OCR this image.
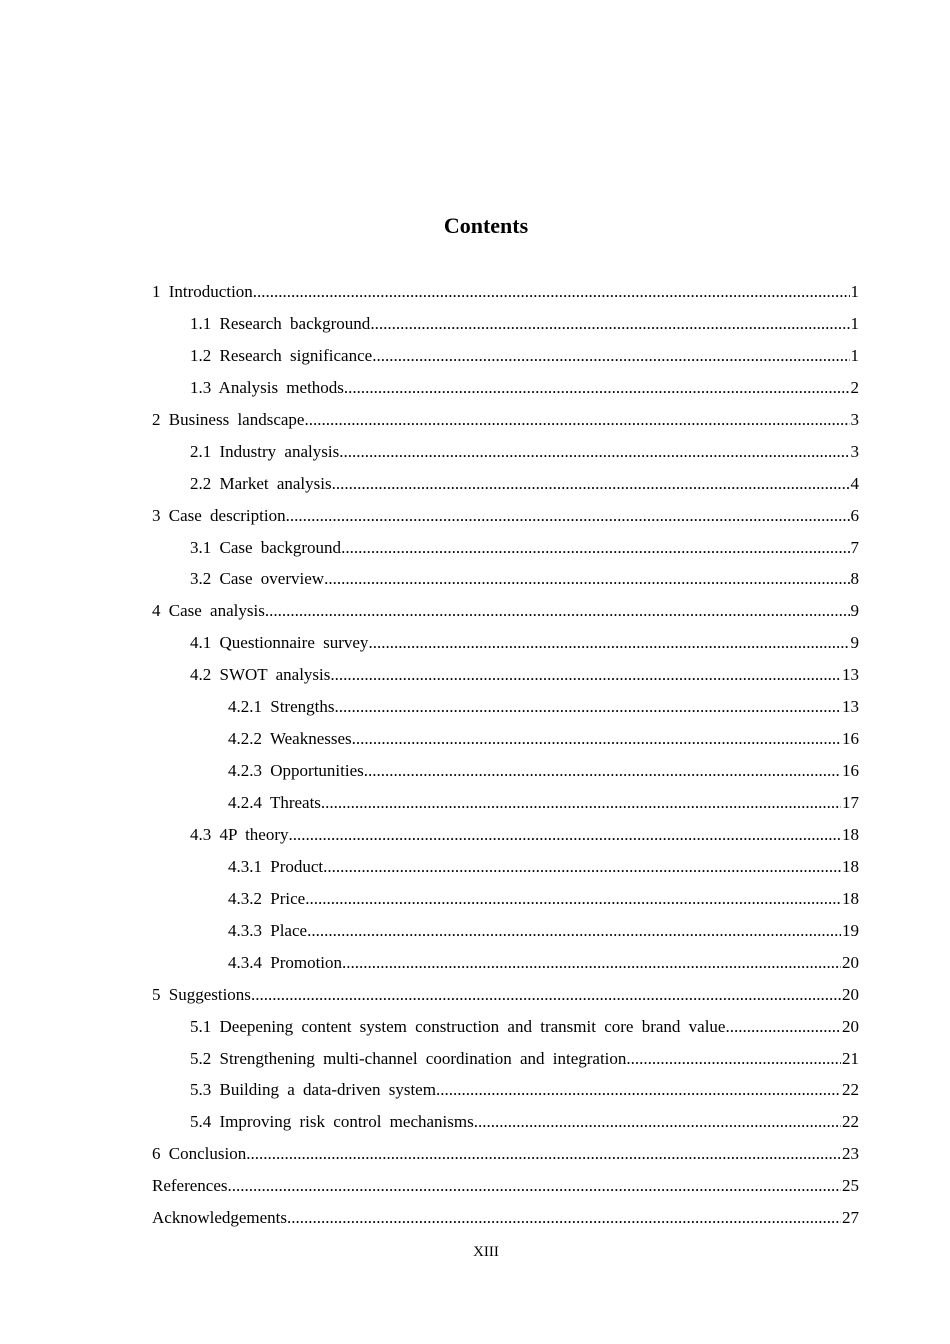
Contents
1 Introduction .....	1
1.1 Research background .....	1
1.2 Research significance .....	1
1.3 Analysis methods .....	2
2 Business landscape .....	3
2.1 Industry analysis .....	3
2.2 Market analysis .....	4
3 Case description .....	6
3.1 Case background .....	7
3.2 Case overview .....	8
4 Case analysis .....	9
4.1 Questionnaire survey .....	9
4.2 SWOT analysis .....	13
4.2.1 Strengths .....	13
4.2.2 Weaknesses .....	16
4.2.3 Opportunities .....	16
4.2.4 Threats .....	17
4.3 4P theory .....	18
4.3.1 Product .....	18
4.3.2 Price .....	18
4.3.3 Place .....	19
4.3.4 Promotion .....	20
5 Suggestions .....	20
5.1 Deepening content system construction and transmit core brand value .....	20
5.2 Strengthening multi-channel coordination and integration .....	21
5.3 Building a data-driven system .....	22
5.4 Improving risk control mechanisms .....	22
6 Conclusion .....	23
References .....	25
Acknowledgements .....	27
XIII
